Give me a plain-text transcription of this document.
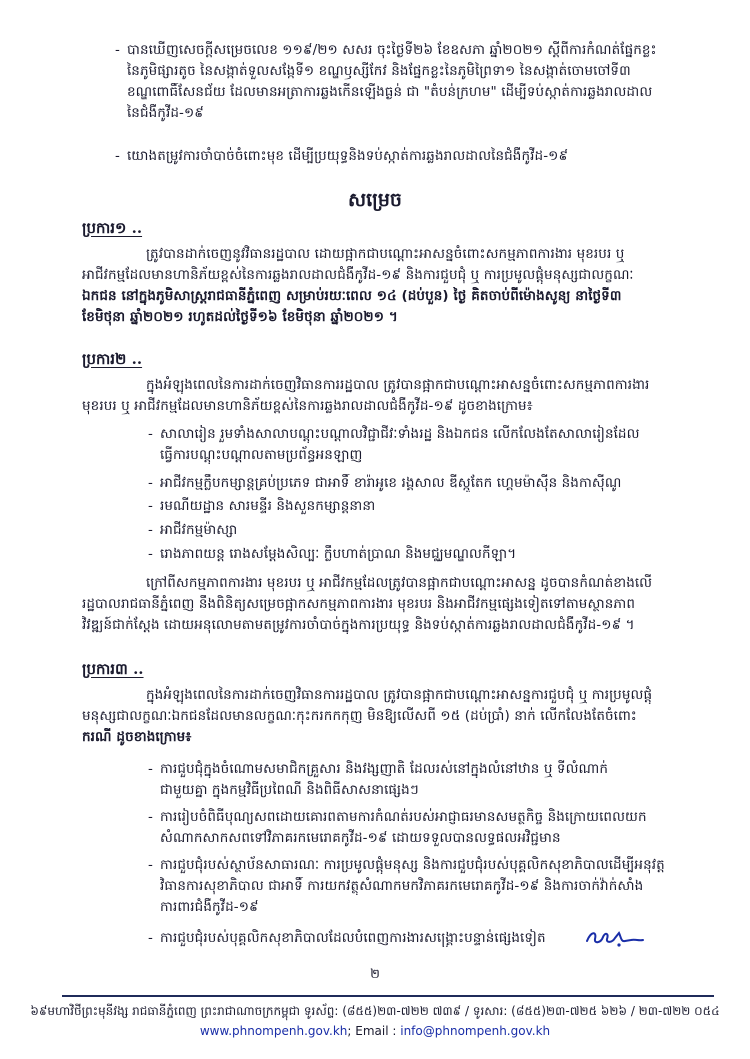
- បានឃើញសេចក្តីសម្រេចលេខ ១១៩/២១ សសរ ចុះថ្ងៃទី២៦ ខែឧសភា ឆ្នាំ២០២១ ស្តីពីការកំណត់ផ្នែកខ្លះ
នៃភូមិផ្សារតូច នៃសង្កាត់ទួលសង្កែទី១ ខណ្ឌឫស្សីកែវ និងផ្នែកខ្លះនៃភូមិព្រៃទា១ នៃសង្កាត់ចោមចៅទី៣
ខណ្ឌពោធិ៍សែនជ័យ ដែលមានអត្រាការឆ្លងកើនឡើងធ្ងន់ ជា "តំបន់ក្រហម" ដើម្បីទប់ស្កាត់ការឆ្លងរាលដាល
នៃជំងឺកូវីដ-១៩
- យោងតម្រូវការចាំបាច់ចំពោះមុខ ដើម្បីប្រយុទ្ធនិងទប់ស្កាត់ការឆ្លងរាលដាលនៃជំងឺកូវីដ-១៩
សម្រេច
ប្រការ១ ..
ត្រូវបានដាក់ចេញនូវវិធានរដ្ឋបាល ដោយផ្អាកជាបណ្តោះអាសន្នចំពោះសកម្មភាពការងារ មុខរបរ ឬ
អាជីវកម្មដែលមានហានិភ័យខ្ពស់នៃការឆ្លងរាលដាលជំងឺកូវីដ-១៩ និងការជួបជុំ ឬ ការប្រមូលផ្តុំមនុស្សជាលក្ខណៈ
ឯកជន នៅក្នុងភូមិសាស្ត្ររាជធានីភ្នំពេញ សម្រាប់រយៈពេល ១៤ (ដប់បួន) ថ្ងៃ គិតចាប់ពីម៉ោងសូន្យ នាថ្ងៃទី៣
ខែមិថុនា ឆ្នាំ២០២១ រហូតដល់ថ្ងៃទី១៦ ខែមិថុនា ឆ្នាំ២០២១ ។
ប្រការ២ ..
ក្នុងអំឡុងពេលនៃការដាក់ចេញវិធានការរដ្ឋបាល ត្រូវបានផ្អាកជាបណ្តោះអាសន្នចំពោះសកម្មភាពការងារ
មុខរបរ ឬ អាជីវកម្មដែលមានហានិភ័យខ្ពស់នៃការឆ្លងរាលដាលជំងឺកូវីដ-១៩ ដូចខាងក្រោម៖
- សាលារៀន រួមទាំងសាលាបណ្តុះបណ្តាលវិជ្ជាជីវៈទាំងរដ្ឋ និងឯកជន លើកលែងតែសាលារៀនដែល
ធ្វើការបណ្តុះបណ្តាលតាមប្រព័ន្ធអនឡាញ
- អាជីវកម្មក្លឹបកម្សាន្តគ្រប់ប្រភេទ ជាអាទិ៍ ខារ៉ាអូខេ រង្គសាល ឌីស្កូតែក ហ្គេមម៉ាស៊ីន និងកាស៊ីណូ
- រមណីយដ្ឋាន សារមន្ទីរ និងសួនកម្សាន្តនានា
- អាជីវកម្មម៉ាស្សា
- រោងភាពយន្ត រោងសម្តែងសិល្បៈ ក្លឹបហាត់ប្រាណ និងមជ្ឈមណ្ឌលកីឡា។
ក្រៅពីសកម្មភាពការងារ មុខរបរ ឬ អាជីវកម្មដែលត្រូវបានផ្អាកជាបណ្តោះអាសន្ន ដូចបានកំណត់ខាងលើ
រដ្ឋបាលរាជធានីភ្នំពេញ នឹងពិនិត្យសម្រេចផ្អាកសកម្មភាពការងារ មុខរបរ និងអាជីវកម្មផ្សេងទៀតទៅតាមស្ថានភាព
វិវឌ្ឍន៍ជាក់ស្តែង ដោយអនុលោមតាមតម្រូវការចាំបាច់ក្នុងការប្រយុទ្ធ និងទប់ស្កាត់ការឆ្លងរាលដាលជំងឺកូវីដ-១៩ ។
ប្រការ៣ ..
ក្នុងអំឡុងពេលនៃការដាក់ចេញវិធានការរដ្ឋបាល ត្រូវបានផ្អាកជាបណ្តោះអាសន្នការជួបជុំ ឬ ការប្រមូលផ្តុំ
មនុស្សជាលក្ខណៈឯកជនដែលមានលក្ខណៈកុះករកកកុញ មិនឱ្យលើសពី ១៥ (ដប់ប្រាំ) នាក់ លើកលែងតែចំពោះ
ករណី ដូចខាងក្រោម៖
- ការជួបជុំក្នុងចំណោមសមាជិកគ្រួសារ និងវង្សញាតិ ដែលរស់នៅក្នុងលំនៅឋាន ឬ ទីលំណាក់
ជាមួយគ្នា ក្នុងកម្មវិធីប្រពៃណី និងពិធីសាសនាផ្សេងៗ
- ការរៀបចំពិធីបុណ្យសពដោយគោរពតាមការកំណត់របស់អាជ្ញាធរមានសមត្ថកិច្ច និងក្រោយពេលយក
សំណាកសាកសពទៅវិភាគរកមេរោគកូវីដ-១៩ ដោយទទួលបានលទ្ធផលអវិជ្ជមាន
- ការជួបជុំរបស់ស្ថាប័នសាធារណៈ ការប្រមូលផ្តុំមនុស្ស និងការជួបជុំរបស់បុគ្គលិកសុខាភិបាលដើម្បីអនុវត្ត
វិធានការសុខាភិបាល ជាអាទិ៍ ការយកវត្ថុសំណាកមកវិភាគរកមេរោគកូវីដ-១៩ និងការចាក់វ៉ាក់សាំង
ការពារជំងឺកូវីដ-១៩
- ការជួបជុំរបស់បុគ្គលិកសុខាភិបាលដែលបំពេញការងារសង្គ្រោះបន្ទាន់ផ្សេងទៀត
២
៦៩មហាវិថីព្រះមុនីវង្ស រាជធានីភ្នំពេញ ព្រះរាជាណាចក្រកម្ពុជា ទូរស័ព្ទ: (៨៥៥)២៣-៧២២ ៧៣៩ / ទូរសារ: (៨៥៥)២៣-៧២៥ ៦២៦ / ២៣-៧២២ ០៥៤
www.phnompenh.gov.kh; Email : info@phnompenh.gov.kh
